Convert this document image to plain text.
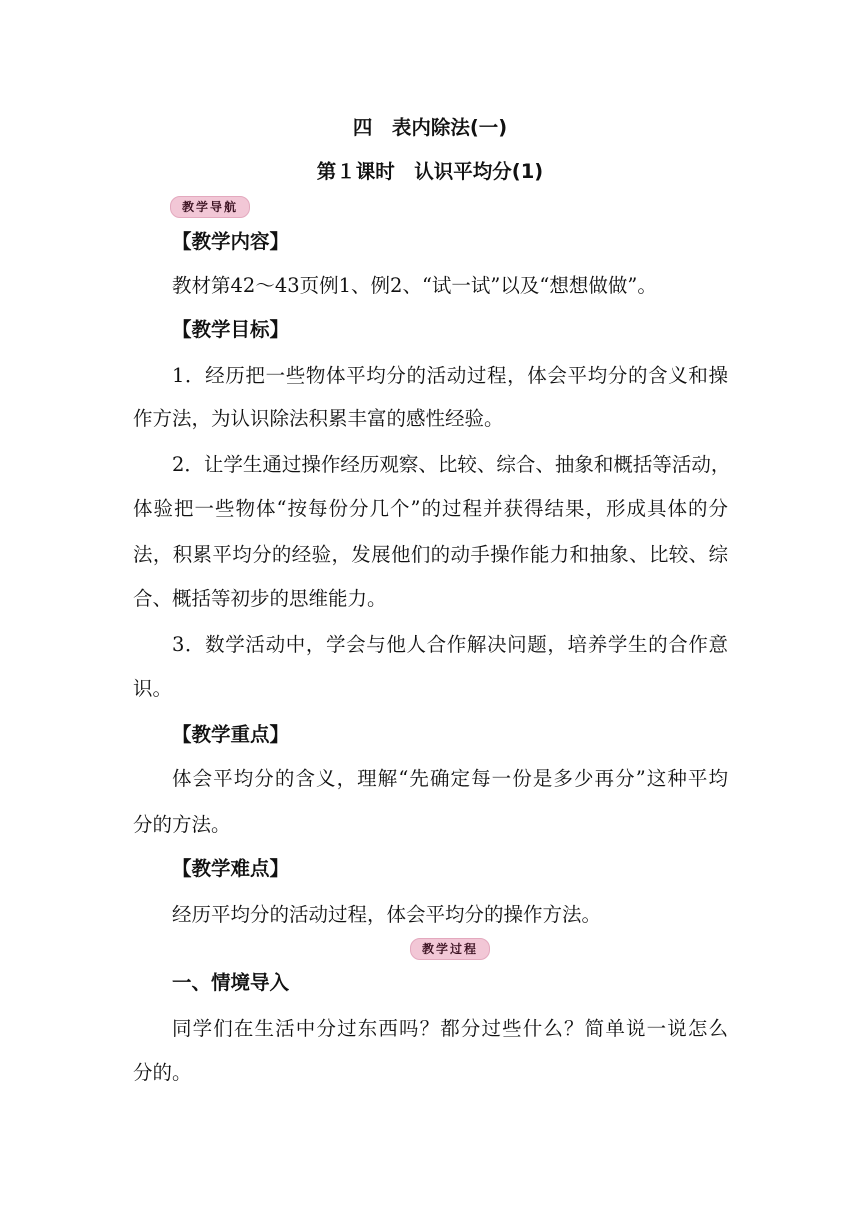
四　表内除法(一)
第１课时　认识平均分(1)
教学导航
【教学内容】
教材第42～43页例1、例2、“试一试”以及“想想做做”。
【教学目标】
1．经历把一些物体平均分的活动过程，体会平均分的含义和操
作方法，为认识除法积累丰富的感性经验。
2．让学生通过操作经历观察、比较、综合、抽象和概括等活动，
体验把一些物体“按每份分几个”的过程并获得结果，形成具体的分
法，积累平均分的经验，发展他们的动手操作能力和抽象、比较、综
合、概括等初步的思维能力。
3．数学活动中，学会与他人合作解决问题，培养学生的合作意
识。
【教学重点】
体会平均分的含义，理解“先确定每一份是多少再分”这种平均
分的方法。
【教学难点】
经历平均分的活动过程，体会平均分的操作方法。
教学过程
一、情境导入
同学们在生活中分过东西吗？都分过些什么？简单说一说怎么
分的。
